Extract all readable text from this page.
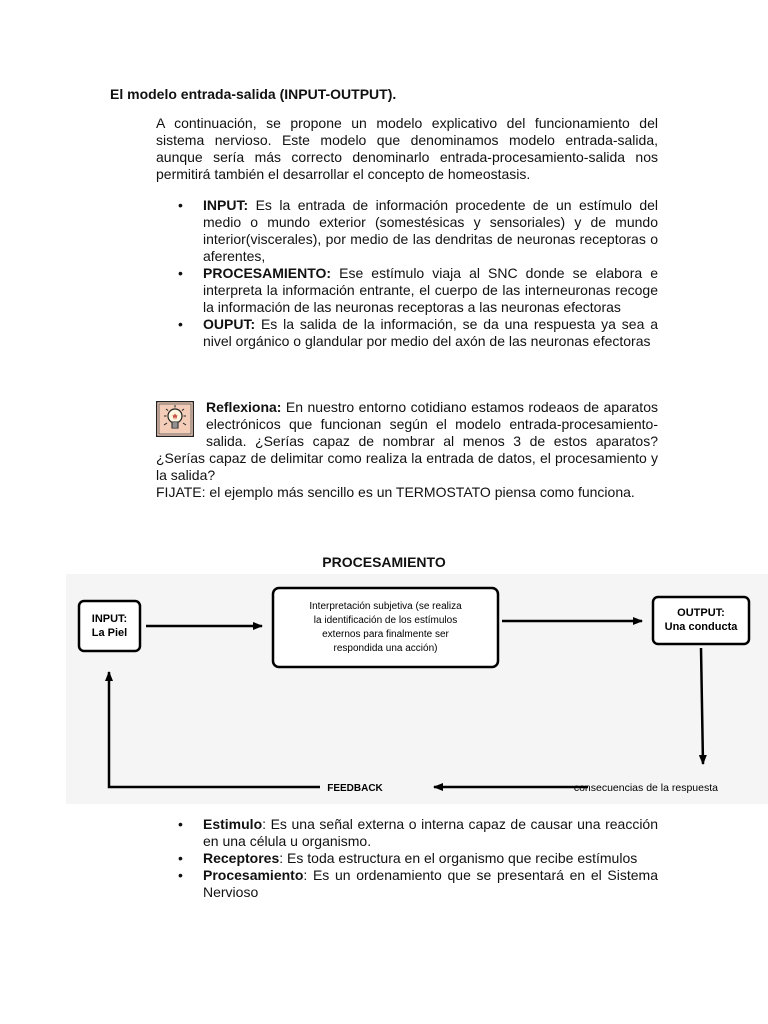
El modelo entrada-salida (INPUT-OUTPUT).
A continuación, se propone un modelo explicativo del funcionamiento del sistema nervioso. Este modelo que denominamos modelo entrada-salida, aunque sería más correcto denominarlo entrada-procesamiento-salida nos permitirá también el desarrollar el concepto de homeostasis.
• INPUT: Es la entrada de información procedente de un estímulo del medio o mundo exterior (somestésicas y sensoriales) y de mundo interior(viscerales), por medio de las dendritas de neuronas receptoras o aferentes,
• PROCESAMIENTO: Ese estímulo viaja al SNC donde se elabora e interpreta la información entrante, el cuerpo de las interneuronas recoge la información de las neuronas receptoras a las neuronas efectoras
• OUPUT: Es la salida de la información, se da una respuesta ya sea a nivel orgánico o glandular por medio del axón de las neuronas efectoras
Reflexiona: En nuestro entorno cotidiano estamos rodeaos de aparatos electrónicos que funcionan según el modelo entrada-procesamiento-salida. ¿Serías capaz de nombrar al menos 3 de estos aparatos? ¿Serías capaz de delimitar como realiza la entrada de datos, el procesamiento y la salida?
FIJATE: el ejemplo más sencillo es un TERMOSTATO piensa como funciona.
PROCESAMIENTO
INPUT:
La Piel
Interpretación subjetiva (se realiza
la identificación de los estímulos
externos para finalmente ser
respondida una acción)
OUTPUT:
Una conducta
consecuencias de la respuesta
FEEDBACK
• Estimulo: Es una señal externa o interna capaz de causar una reacción en una célula u organismo.
• Receptores: Es toda estructura en el organismo que recibe estímulos
• Procesamiento: Es un ordenamiento que se presentará en el Sistema Nervioso
